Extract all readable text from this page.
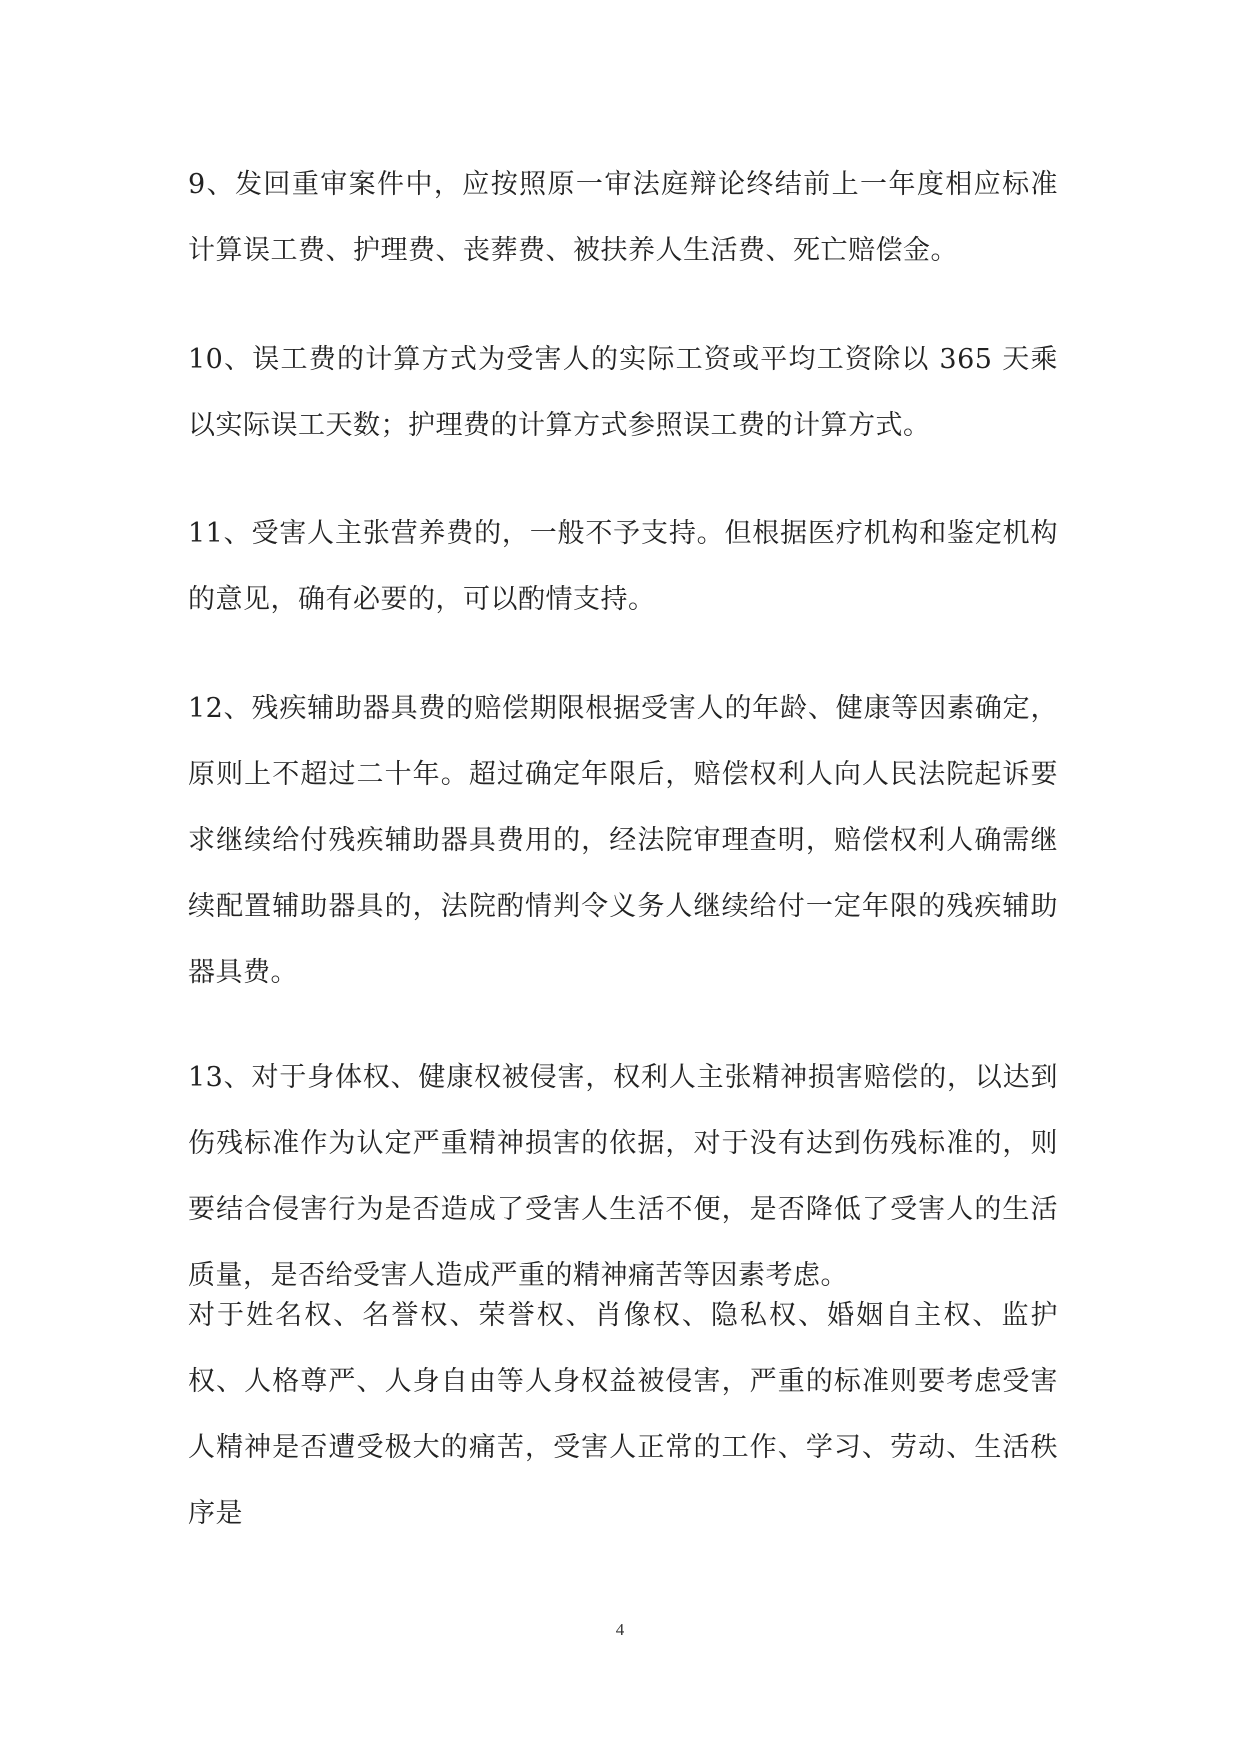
9、发回重审案件中，应按照原一审法庭辩论终结前上一年度相应标准计算误工费、护理费、丧葬费、被扶养人生活费、死亡赔偿金。

10、误工费的计算方式为受害人的实际工资或平均工资除以 365 天乘以实际误工天数；护理费的计算方式参照误工费的计算方式。

11、受害人主张营养费的，一般不予支持。但根据医疗机构和鉴定机构的意见，确有必要的，可以酌情支持。

12、残疾辅助器具费的赔偿期限根据受害人的年龄、健康等因素确定，原则上不超过二十年。超过确定年限后，赔偿权利人向人民法院起诉要求继续给付残疾辅助器具费用的，经法院审理查明，赔偿权利人确需继续配置辅助器具的，法院酌情判令义务人继续给付一定年限的残疾辅助器具费。

13、对于身体权、健康权被侵害，权利人主张精神损害赔偿的，以达到伤残标准作为认定严重精神损害的依据，对于没有达到伤残标准的，则要结合侵害行为是否造成了受害人生活不便，是否降低了受害人的生活质量，是否给受害人造成严重的精神痛苦等因素考虑。

对于姓名权、名誉权、荣誉权、肖像权、隐私权、婚姻自主权、监护权、人格尊严、人身自由等人身权益被侵害，严重的标准则要考虑受害人精神是否遭受极大的痛苦，受害人正常的工作、学习、劳动、生活秩序是

4
